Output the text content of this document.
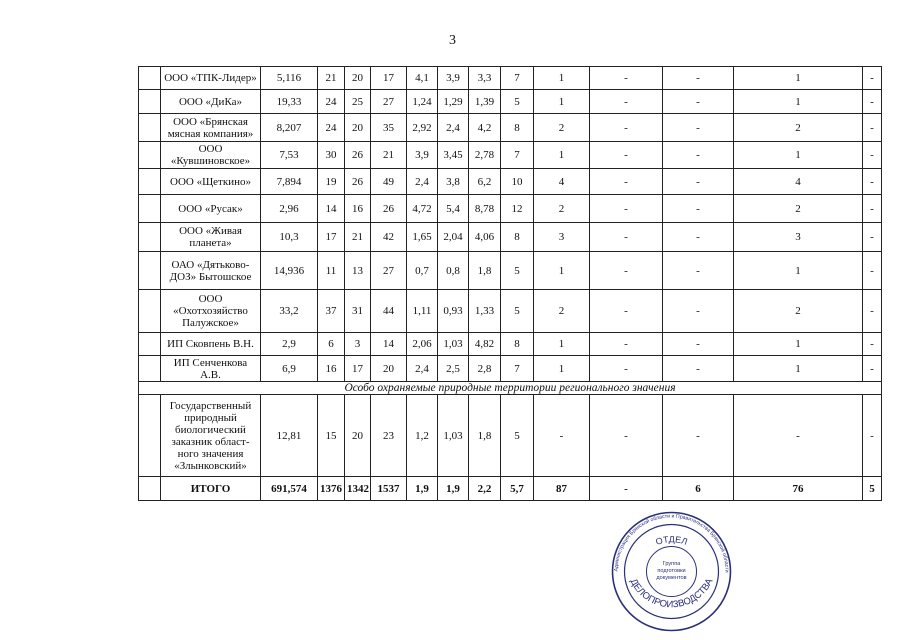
3
	ООО «ТПК-Лидер»	5,116	21	20	17	4,1	3,9	3,3	7	1	-	-	1	-
	ООО «ДиКа»	19,33	24	25	27	1,24	1,29	1,39	5	1	-	-	1	-
	ООО «Брянская мясная компания»	8,207	24	20	35	2,92	2,4	4,2	8	2	-	-	2	-
	ООО «Кувшиновское»	7,53	30	26	21	3,9	3,45	2,78	7	1	-	-	1	-
	ООО «Щеткино»	7,894	19	26	49	2,4	3,8	6,2	10	4	-	-	4	-
	ООО «Русак»	2,96	14	16	26	4,72	5,4	8,78	12	2	-	-	2	-
	ООО «Живая планета»	10,3	17	21	42	1,65	2,04	4,06	8	3	-	-	3	-
	ОАО «Дятьково-ДОЗ» Бытошское	14,936	11	13	27	0,7	0,8	1,8	5	1	-	-	1	-
	ООО «Охотхозяйство Палужское»	33,2	37	31	44	1,11	0,93	1,33	5	2	-	-	2	-
	ИП Сковпень В.Н.	2,9	6	3	14	2,06	1,03	4,82	8	1	-	-	1	-
	ИП Сенченкова А.В.	6,9	16	17	20	2,4	2,5	2,8	7	1	-	-	1	-
Особо охраняемые природные территории регионального значения														
	Государственный природный биологический заказник област-ного значения «Злынковский»	12,81	15	20	23	1,2	1,03	1,8	5	-	-	-	-	-
	ИТОГО	691,574	1376	1342	1537	1,9	1,9	2,2	5,7	87	-	6	76	5
Администрация Брянской области и Правительства Брянской области
ОТДЕЛ
ДЕЛОПРОИЗВОДСТВА
Группа
подготовки
документов
